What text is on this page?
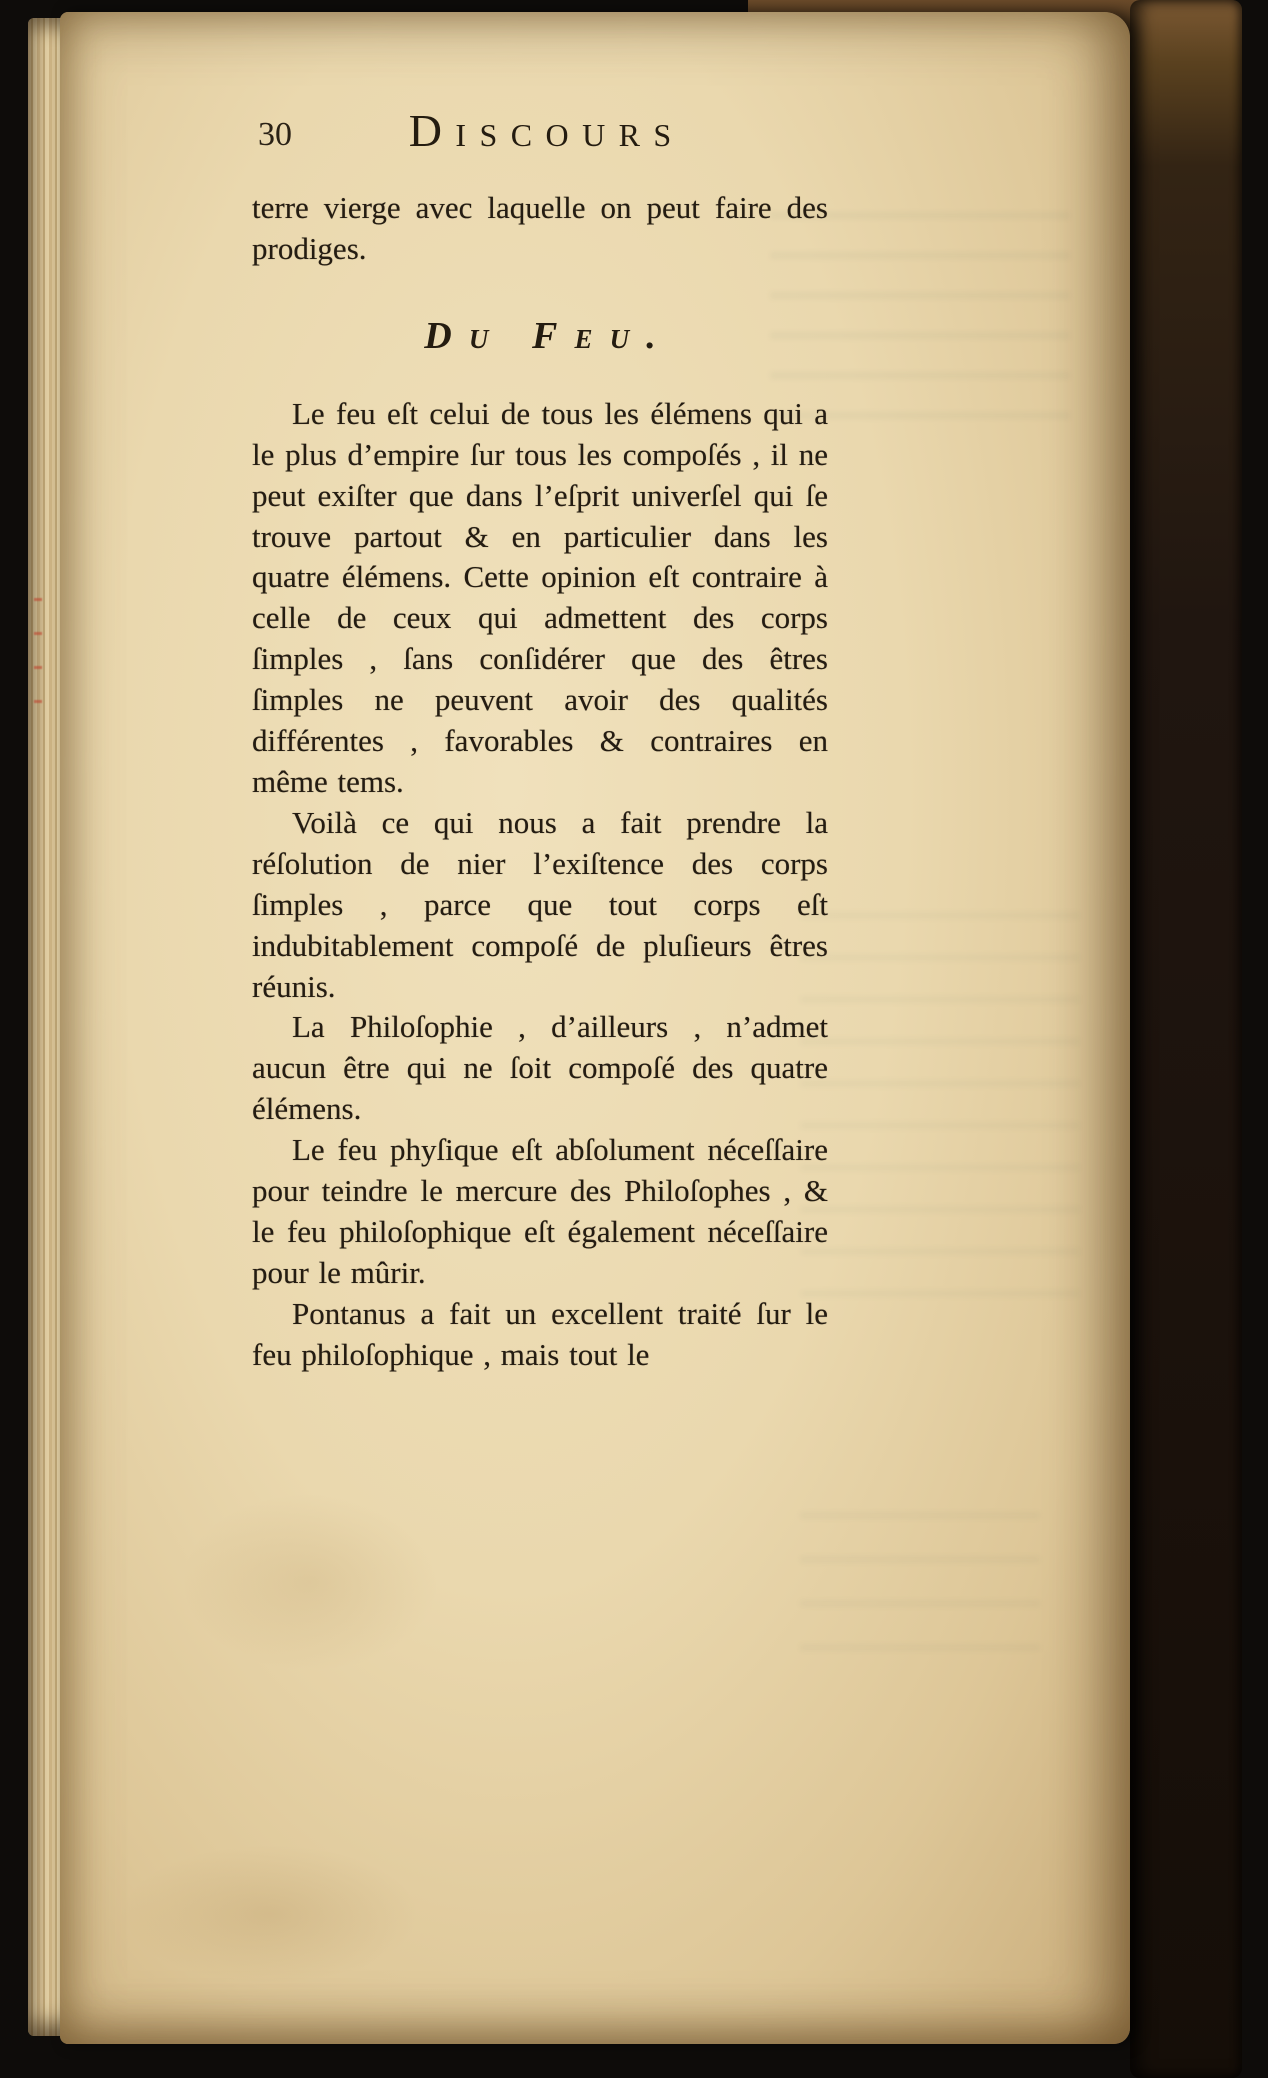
30	DISCOURS

terre vierge avec laquelle on peut faire des prodiges.

Du Feu.

Le feu eſt celui de tous les élémens qui a le plus d’empire ſur tous les compoſés , il ne peut exiſter que dans l’eſprit univerſel qui ſe trouve partout & en particulier dans les quatre élémens. Cette opinion eſt contraire à celle de ceux qui admettent des corps ſimples , ſans conſidérer que des êtres ſimples ne peuvent avoir des qualités différentes , favorables & contraires en même tems.

Voilà ce qui nous a fait prendre la réſolution de nier l’exiſtence des corps ſimples , parce que tout corps eſt indubitablement compoſé de pluſieurs êtres réunis.

La Philoſophie , d’ailleurs , n’admet aucun être qui ne ſoit compoſé des quatre élémens.

Le feu phyſique eſt abſolument néceſſaire pour teindre le mercure des Philoſophes , & le feu philoſophique eſt également néceſſaire pour le mûrir.

Pontanus a fait un excellent traité ſur le feu philoſophique , mais tout le
